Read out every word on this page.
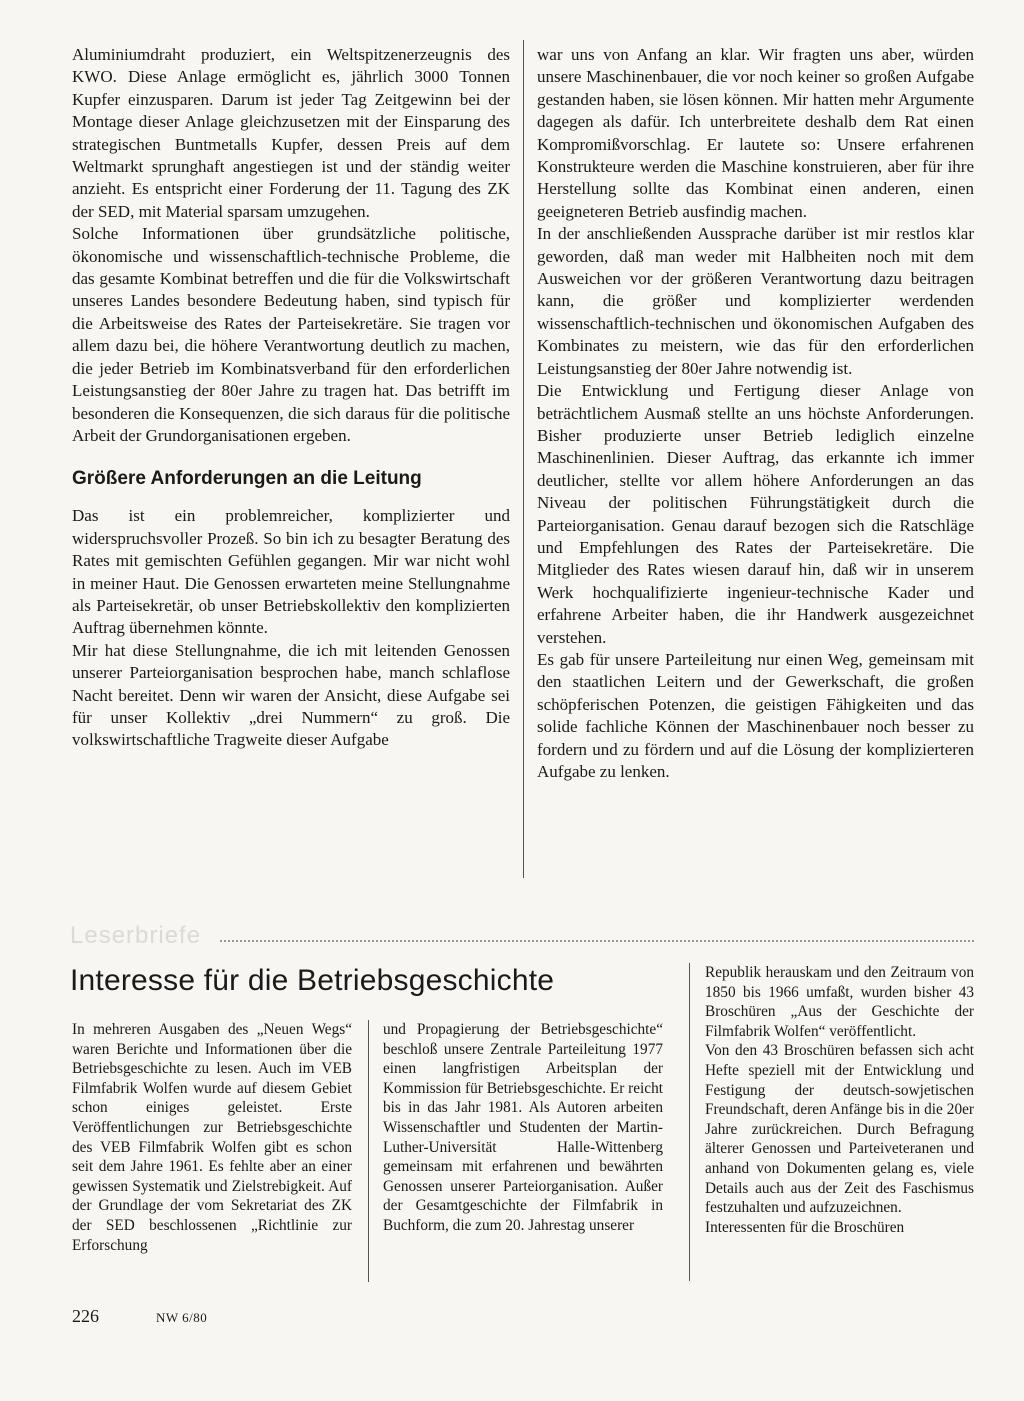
Aluminiumdraht produziert, ein Weltspitzenerzeugnis des KWO. Diese Anlage ermöglicht es, jährlich 3000 Tonnen Kupfer einzusparen. Darum ist jeder Tag Zeitgewinn bei der Montage dieser Anlage gleichzusetzen mit der Einsparung des strategischen Buntmetalls Kupfer, dessen Preis auf dem Weltmarkt sprunghaft angestiegen ist und der ständig weiter anzieht. Es entspricht einer Forderung der 11. Tagung des ZK der SED, mit Material sparsam umzugehen.

Solche Informationen über grundsätzliche politische, ökonomische und wissenschaftlich-technische Probleme, die das gesamte Kombinat betreffen und die für die Volkswirtschaft unseres Landes besondere Bedeutung haben, sind typisch für die Arbeitsweise des Rates der Parteisekretäre. Sie tragen vor allem dazu bei, die höhere Verantwortung deutlich zu machen, die jeder Betrieb im Kombinatsverband für den erforderlichen Leistungsanstieg der 80er Jahre zu tragen hat. Das betrifft im besonderen die Konsequenzen, die sich daraus für die politische Arbeit der Grundorganisationen ergeben.

Größere Anforderungen an die Leitung

Das ist ein problemreicher, komplizierter und widerspruchsvoller Prozeß. So bin ich zu besagter Beratung des Rates mit gemischten Gefühlen gegangen. Mir war nicht wohl in meiner Haut. Die Genossen erwarteten meine Stellungnahme als Parteisekretär, ob unser Betriebskollektiv den komplizierten Auftrag übernehmen könnte.

Mir hat diese Stellungnahme, die ich mit leitenden Genossen unserer Parteiorganisation besprochen habe, manch schlaflose Nacht bereitet. Denn wir waren der Ansicht, diese Aufgabe sei für unser Kollektiv „drei Nummern“ zu groß. Die volkswirtschaftliche Tragweite dieser Aufgabe

war uns von Anfang an klar. Wir fragten uns aber, würden unsere Maschinenbauer, die vor noch keiner so großen Aufgabe gestanden haben, sie lösen können. Mir hatten mehr Argumente dagegen als dafür. Ich unterbreitete deshalb dem Rat einen Kompromißvorschlag. Er lautete so: Unsere erfahrenen Konstrukteure werden die Maschine konstruieren, aber für ihre Herstellung sollte das Kombinat einen anderen, einen geeigneteren Betrieb ausfindig machen.

In der anschließenden Aussprache darüber ist mir restlos klar geworden, daß man weder mit Halbheiten noch mit dem Ausweichen vor der größeren Verantwortung dazu beitragen kann, die größer und komplizierter werdenden wissenschaftlich-technischen und ökonomischen Aufgaben des Kombinates zu meistern, wie das für den erforderlichen Leistungsanstieg der 80er Jahre notwendig ist.

Die Entwicklung und Fertigung dieser Anlage von beträchtlichem Ausmaß stellte an uns höchste Anforderungen. Bisher produzierte unser Betrieb lediglich einzelne Maschinenlinien. Dieser Auftrag, das erkannte ich immer deutlicher, stellte vor allem höhere Anforderungen an das Niveau der politischen Führungstätigkeit durch die Parteiorganisation. Genau darauf bezogen sich die Ratschläge und Empfehlungen des Rates der Parteisekretäre. Die Mitglieder des Rates wiesen darauf hin, daß wir in unserem Werk hochqualifizierte ingenieur-technische Kader und erfahrene Arbeiter haben, die ihr Handwerk ausgezeichnet verstehen.

Es gab für unsere Parteileitung nur einen Weg, gemeinsam mit den staatlichen Leitern und der Gewerkschaft, die großen schöpferischen Potenzen, die geistigen Fähigkeiten und das solide fachliche Können der Maschinenbauer noch besser zu fordern und zu fördern und auf die Lösung der komplizierteren Aufgabe zu lenken.

Leserbriefe
Interesse für die Betriebsgeschichte

In mehreren Ausgaben des „Neuen Wegs“ waren Berichte und Informationen über die Betriebsgeschichte zu lesen. Auch im VEB Filmfabrik Wolfen wurde auf diesem Gebiet schon einiges geleistet. Erste Veröffentlichungen zur Betriebsgeschichte des VEB Filmfabrik Wolfen gibt es schon seit dem Jahre 1961. Es fehlte aber an einer gewissen Systematik und Zielstrebigkeit. Auf der Grundlage der vom Sekretariat des ZK der SED beschlossenen „Richtlinie zur Erforschung

und Propagierung der Betriebsgeschichte“ beschloß unsere Zentrale Parteileitung 1977 einen langfristigen Arbeitsplan der Kommission für Betriebsgeschichte. Er reicht bis in das Jahr 1981. Als Autoren arbeiten Wissenschaftler und Studenten der Martin-Luther-Universität Halle-Wittenberg gemeinsam mit erfahrenen und bewährten Genossen unserer Parteiorganisation. Außer der Gesamtgeschichte der Filmfabrik in Buchform, die zum 20. Jahrestag unserer

Republik herauskam und den Zeitraum von 1850 bis 1966 umfaßt, wurden bisher 43 Broschüren „Aus der Geschichte der Filmfabrik Wolfen“ veröffentlicht.

Von den 43 Broschüren befassen sich acht Hefte speziell mit der Entwicklung und Festigung der deutsch-sowjetischen Freundschaft, deren Anfänge bis in die 20er Jahre zurückreichen. Durch Befragung älterer Genossen und Parteiveteranen und anhand von Dokumenten gelang es, viele Details auch aus der Zeit des Faschismus festzuhalten und aufzuzeichnen.

Interessenten für die Broschüren

226	NW 6/80
